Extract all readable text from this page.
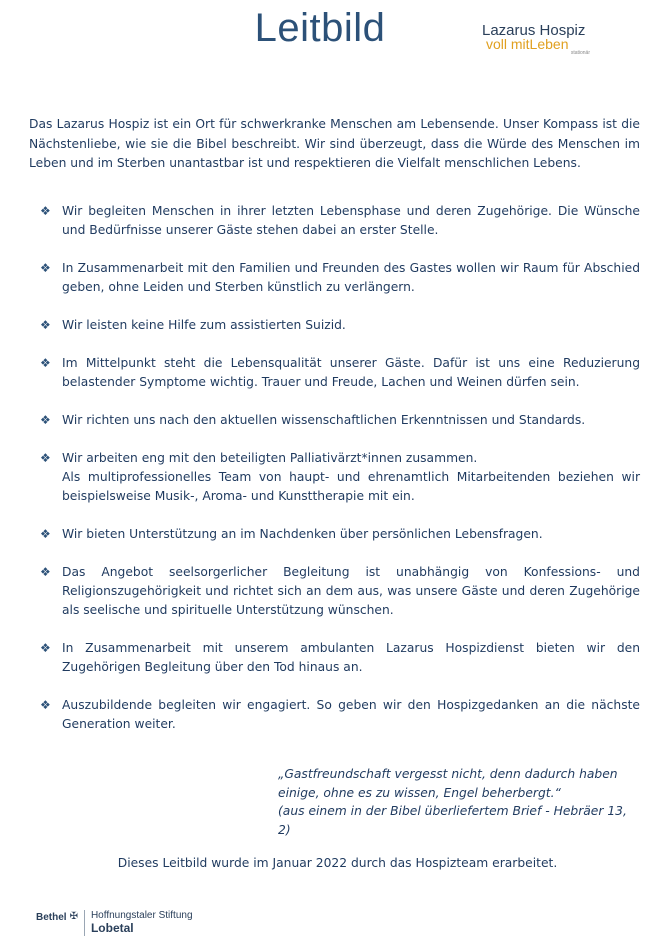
Leitbild	Lazarus Hospiz
voll mitLeben
stationär

Das Lazarus Hospiz ist ein Ort für schwerkranke Menschen am Lebensende. Unser Kompass ist die Nächstenliebe, wie sie die Bibel beschreibt. Wir sind überzeugt, dass die Würde des Menschen im Leben und im Sterben unantastbar ist und respektieren die Vielfalt menschlichen Lebens.

❖ Wir begleiten Menschen in ihrer letzten Lebensphase und deren Zugehörige. Die Wünsche und Bedürfnisse unserer Gäste stehen dabei an erster Stelle.
❖ In Zusammenarbeit mit den Familien und Freunden des Gastes wollen wir Raum für Abschied geben, ohne Leiden und Sterben künstlich zu verlängern.
❖ Wir leisten keine Hilfe zum assistierten Suizid.
❖ Im Mittelpunkt steht die Lebensqualität unserer Gäste. Dafür ist uns eine Reduzierung belastender Symptome wichtig. Trauer und Freude, Lachen und Weinen dürfen sein.
❖ Wir richten uns nach den aktuellen wissenschaftlichen Erkenntnissen und Standards.
❖ Wir arbeiten eng mit den beteiligten Palliativärzt*innen zusammen.
Als multiprofessionelles Team von haupt- und ehrenamtlich Mitarbeitenden beziehen wir beispielsweise Musik-, Aroma- und Kunsttherapie mit ein.
❖ Wir bieten Unterstützung an im Nachdenken über persönlichen Lebensfragen.
❖ Das Angebot seelsorgerlicher Begleitung ist unabhängig von Konfessions- und Religionszugehörigkeit und richtet sich an dem aus, was unsere Gäste und deren Zugehörige als seelische und spirituelle Unterstützung wünschen.
❖ In Zusammenarbeit mit unserem ambulanten Lazarus Hospizdienst bieten wir den Zugehörigen Begleitung über den Tod hinaus an.
❖ Auszubildende begleiten wir engagiert. So geben wir den Hospizgedanken an die nächste Generation weiter.
„Gastfreundschaft vergesst nicht, denn dadurch haben
einige, ohne es zu wissen, Engel beherbergt.“
(aus einem in der Bibel überliefertem Brief - Hebräer 13, 2)
Dieses Leitbild wurde im Januar 2022 durch das Hospizteam erarbeitet.
Bethel ✠ Hoffnungstaler Stiftung
Lobetal
